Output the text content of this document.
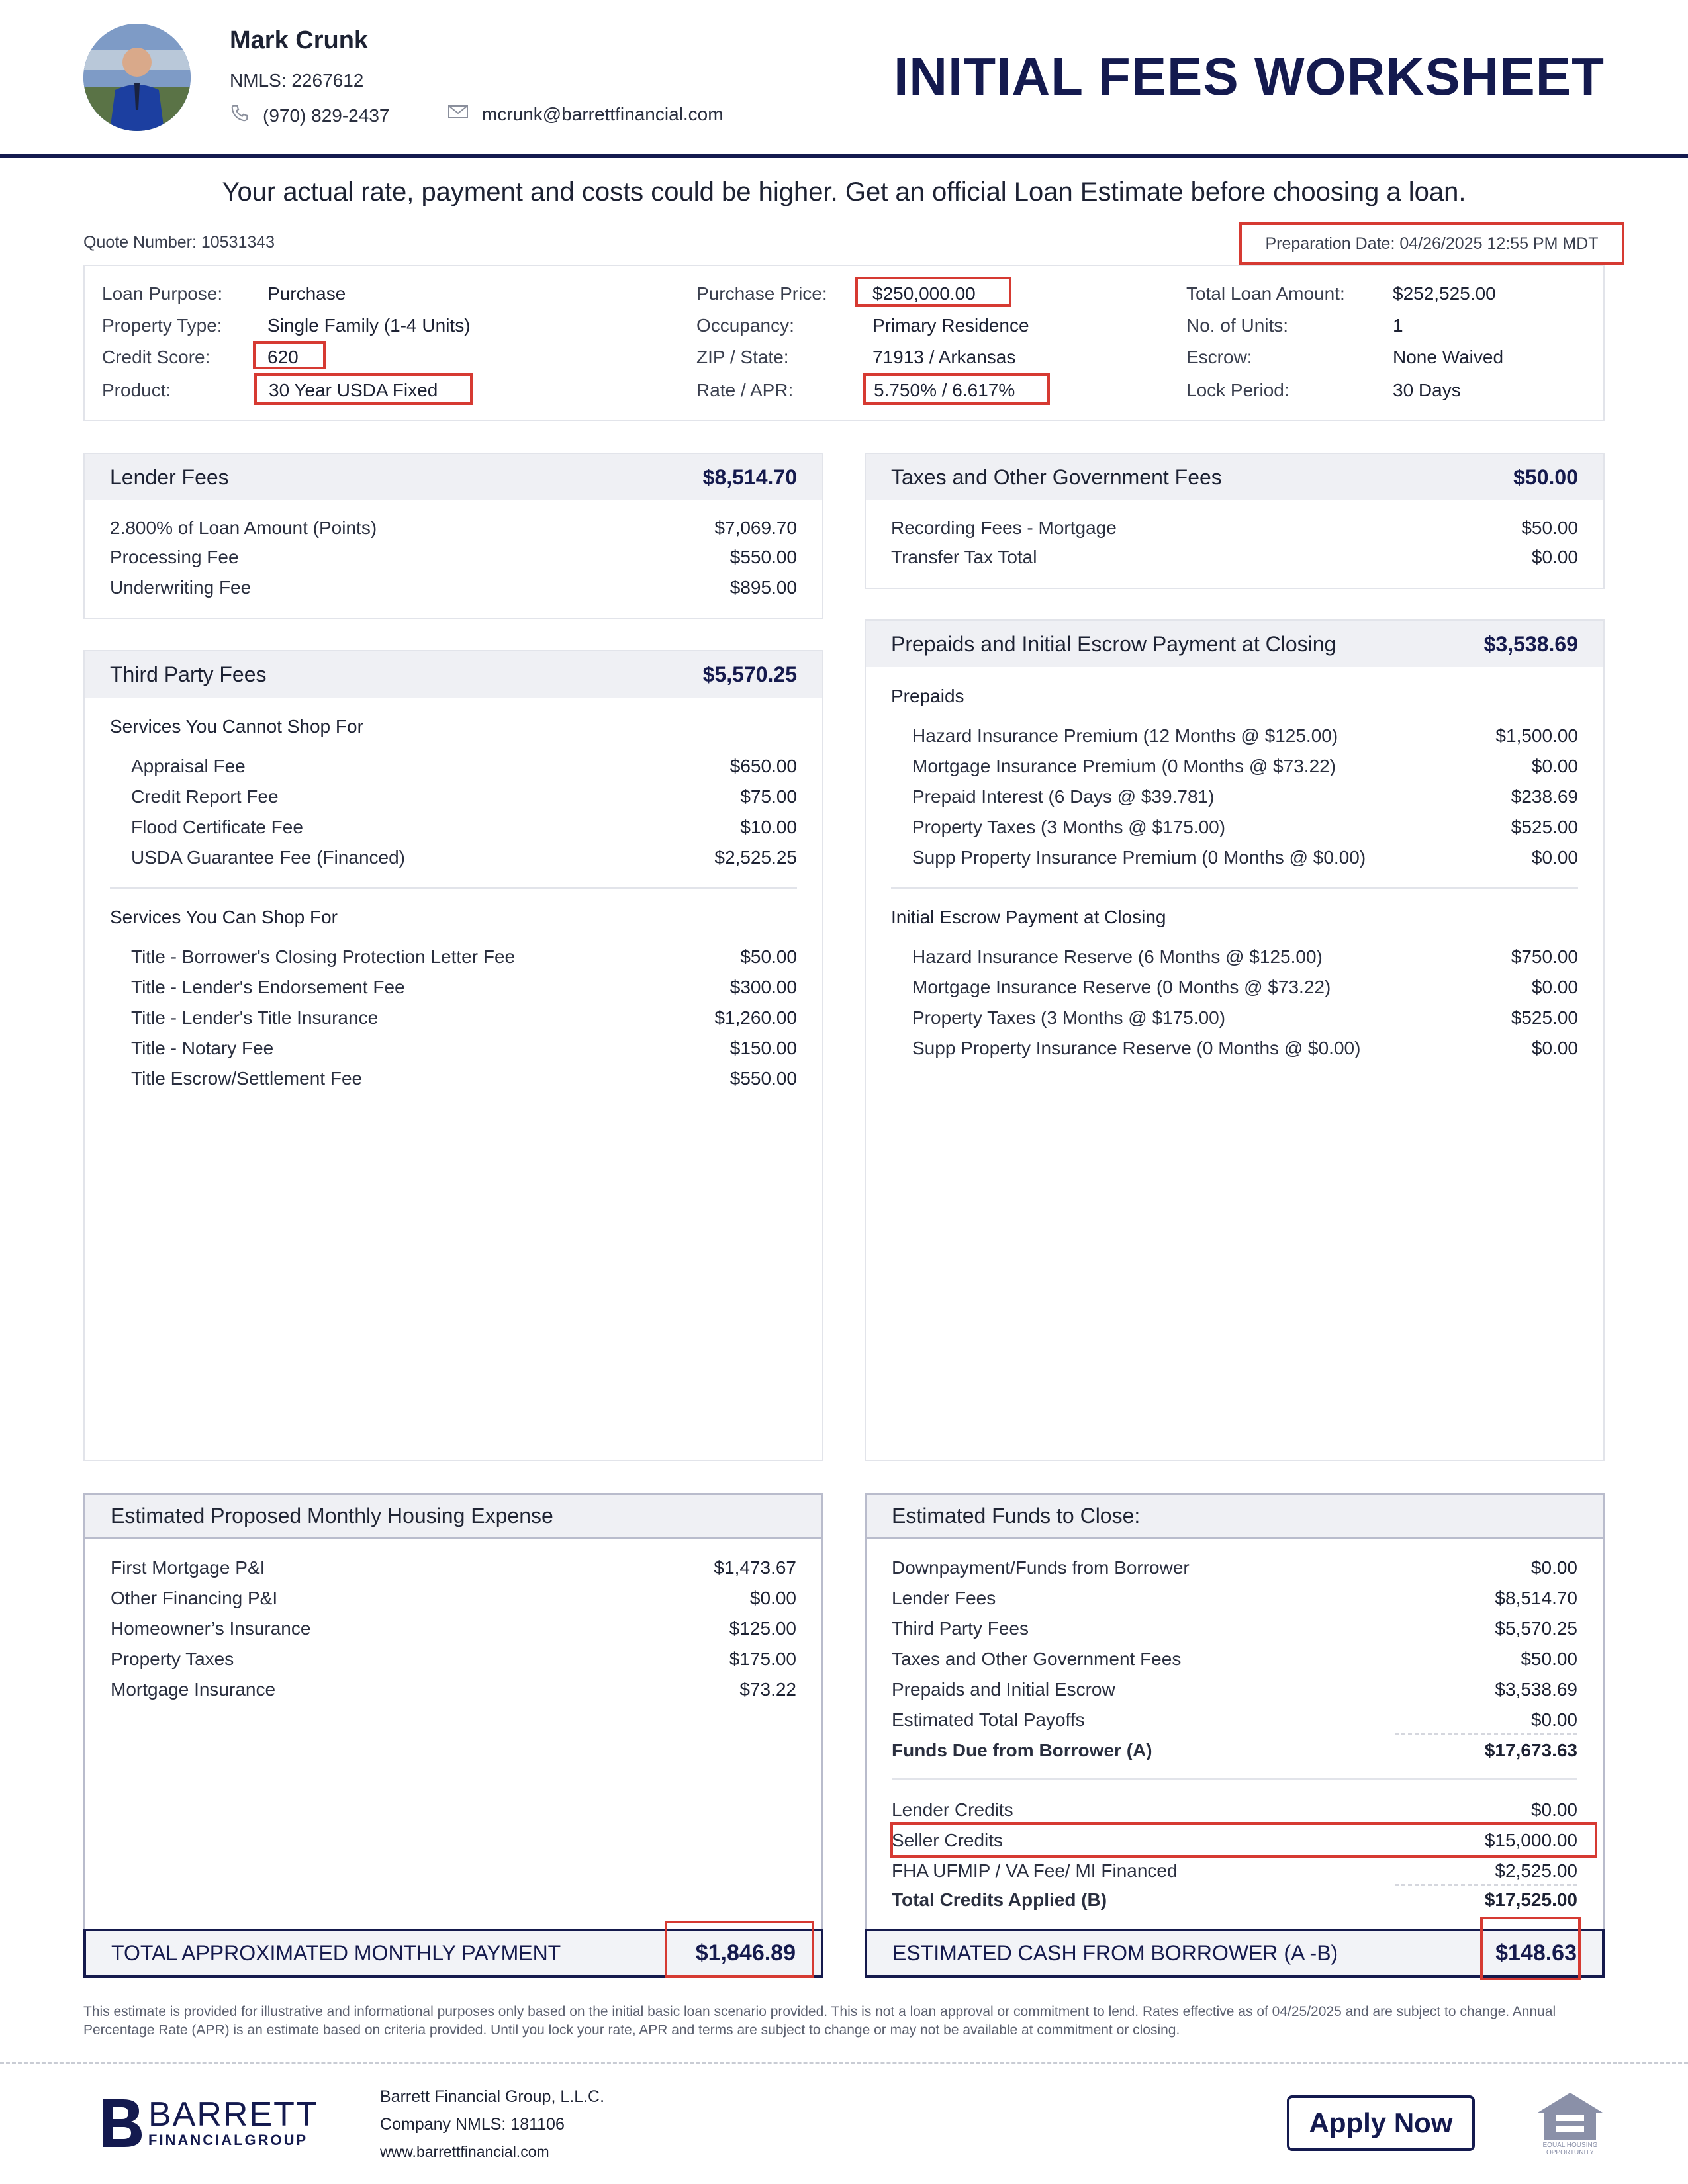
Mark Crunk
NMLS: 2267612
(970) 829-2437	mcrunk@barrettfinancial.com
INITIAL FEES WORKSHEET
Your actual rate, payment and costs could be higher. Get an official Loan Estimate before choosing a loan.
Quote Number: 10531343	Preparation Date: 04/26/2025 12:55 PM MDT
Loan Purpose: Purchase
Property Type: Single Family (1-4 Units)
Credit Score:	620
Product:	30 Year USDA Fixed
Purchase Price:	$250,000.00
Occupancy:	Primary Residence
ZIP / State:	71913 / Arkansas
Rate / APR:	5.750% / 6.617%
Total Loan Amount:	$252,525.00
No. of Units:	1
Escrow:	None Waived
Lock Period:	30 Days
Lender Fees	$8,514.70
2.800% of Loan Amount (Points)	$7,069.70
Processing Fee	$550.00
Underwriting Fee	$895.00
Third Party Fees	$5,570.25
Services You Cannot Shop For
Appraisal Fee	$650.00
Credit Report Fee	$75.00
Flood Certificate Fee	$10.00
USDA Guarantee Fee (Financed)	$2,525.25
Services You Can Shop For
Title - Borrower's Closing Protection Letter Fee	$50.00
Title - Lender's Endorsement Fee	$300.00
Title - Lender's Title Insurance	$1,260.00
Title - Notary Fee	$150.00
Title Escrow/Settlement Fee	$550.00
Taxes and Other Government Fees	$50.00
Recording Fees - Mortgage	$50.00
Transfer Tax Total	$0.00
Prepaids and Initial Escrow Payment at Closing	$3,538.69
Prepaids
Hazard Insurance Premium (12 Months @ $125.00)	$1,500.00
Mortgage Insurance Premium (0 Months @ $73.22)	$0.00
Prepaid Interest (6 Days @ $39.781)	$238.69
Property Taxes (3 Months @ $175.00)	$525.00
Supp Property Insurance Premium (0 Months @ $0.00)	$0.00
Initial Escrow Payment at Closing
Hazard Insurance Reserve (6 Months @ $125.00)	$750.00
Mortgage Insurance Reserve (0 Months @ $73.22)	$0.00
Property Taxes (3 Months @ $175.00)	$525.00
Supp Property Insurance Reserve (0 Months @ $0.00)	$0.00
Estimated Proposed Monthly Housing Expense
First Mortgage P&I	$1,473.67
Other Financing P&I	$0.00
Homeowner’s Insurance	$125.00
Property Taxes	$175.00
Mortgage Insurance	$73.22
TOTAL APPROXIMATED MONTHLY PAYMENT	$1,846.89
Estimated Funds to Close:
Downpayment/Funds from Borrower	$0.00
Lender Fees	$8,514.70
Third Party Fees	$5,570.25
Taxes and Other Government Fees	$50.00
Prepaids and Initial Escrow	$3,538.69
Estimated Total Payoffs	$0.00
Funds Due from Borrower (A)	$17,673.63
Lender Credits	$0.00
Seller Credits	$15,000.00
FHA UFMIP / VA Fee/ MI Financed	$2,525.00
Total Credits Applied (B)	$17,525.00
ESTIMATED CASH FROM BORROWER (A -B)	$148.63
This estimate is provided for illustrative and informational purposes only based on the initial basic loan scenario provided. This is not a loan approval or commitment to lend. Rates effective as of 04/25/2025 and are subject to change. Annual Percentage Rate (APR) is an estimate based on criteria provided. Until you lock your rate, APR and terms are subject to change or may not be available at commitment or closing.
BARRETT
FINANCIALGROUP
Barrett Financial Group, L.L.C.
Company NMLS: 181106
www.barrettfinancial.com
Apply Now
EQUAL HOUSING OPPORTUNITY
